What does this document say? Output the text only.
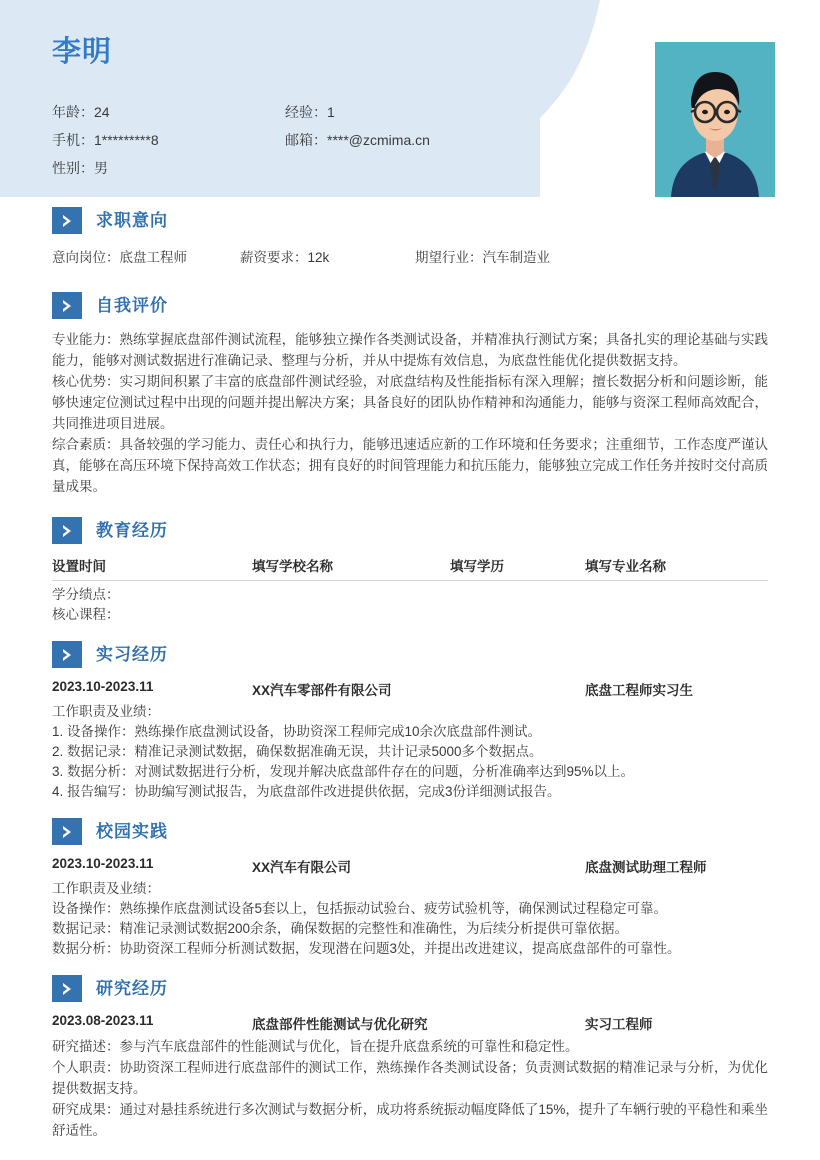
李明
年龄：24	经验：1
手机：1*********8	邮箱：****@zcmima.cn
性别：男
求职意向
意向岗位：底盘工程师	薪资要求：12k	期望行业：汽车制造业
自我评价
专业能力：熟练掌握底盘部件测试流程，能够独立操作各类测试设备，并精准执行测试方案；具备扎实的理论基础与实践能力，能够对测试数据进行准确记录、整理与分析，并从中提炼有效信息，为底盘性能优化提供数据支持。
核心优势：实习期间积累了丰富的底盘部件测试经验，对底盘结构及性能指标有深入理解；擅长数据分析和问题诊断，能够快速定位测试过程中出现的问题并提出解决方案；具备良好的团队协作精神和沟通能力，能够与资深工程师高效配合，共同推进项目进展。
综合素质：具备较强的学习能力、责任心和执行力，能够迅速适应新的工作环境和任务要求；注重细节，工作态度严谨认真，能够在高压环境下保持高效工作状态；拥有良好的时间管理能力和抗压能力，能够独立完成工作任务并按时交付高质量成果。
教育经历
设置时间	填写学校名称	填写学历	填写专业名称
学分绩点：
核心课程：
实习经历
2023.10-2023.11	XX汽车零部件有限公司	底盘工程师实习生
工作职责及业绩：
1. 设备操作：熟练操作底盘测试设备，协助资深工程师完成10余次底盘部件测试。
2. 数据记录：精准记录测试数据，确保数据准确无误，共计记录5000多个数据点。
3. 数据分析：对测试数据进行分析，发现并解决底盘部件存在的问题，分析准确率达到95%以上。
4. 报告编写：协助编写测试报告，为底盘部件改进提供依据，完成3份详细测试报告。
校园实践
2023.10-2023.11	XX汽车有限公司	底盘测试助理工程师
工作职责及业绩：
设备操作：熟练操作底盘测试设备5套以上，包括振动试验台、疲劳试验机等，确保测试过程稳定可靠。
数据记录：精准记录测试数据200余条，确保数据的完整性和准确性，为后续分析提供可靠依据。
数据分析：协助资深工程师分析测试数据，发现潜在问题3处，并提出改进建议，提高底盘部件的可靠性。
研究经历
2023.08-2023.11	底盘部件性能测试与优化研究	实习工程师
研究描述：参与汽车底盘部件的性能测试与优化，旨在提升底盘系统的可靠性和稳定性。
个人职责：协助资深工程师进行底盘部件的测试工作，熟练操作各类测试设备；负责测试数据的精准记录与分析，为优化提供数据支持。
研究成果：通过对悬挂系统进行多次测试与数据分析，成功将系统振动幅度降低了15%，提升了车辆行驶的平稳性和乘坐舒适性。
